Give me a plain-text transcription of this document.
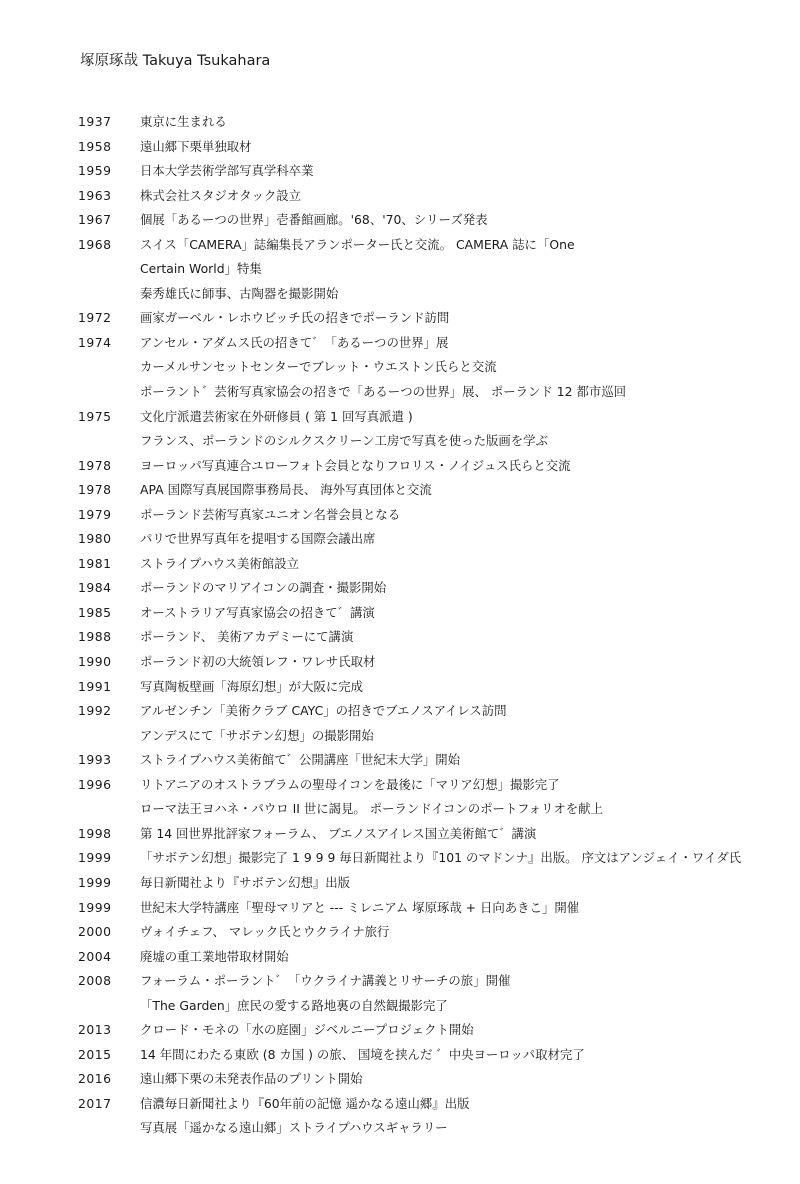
塚原琢哉 Takuya Tsukahara
1937 東京に生まれる
1958 遠山郷下栗単独取材
1959 日本大学芸術学部写真学科卒業
1963 株式会社スタジオタック設立
1967 個展「あるーつの世界」壱番館画廊。'68、'70、シリーズ発表
1968 スイス「CAMERA」誌編集長アランポーター氏と交流。 CAMERA 誌に「One
Certain World」特集
秦秀雄氏に師事、古陶器を撮影開始
1972 画家ガーベル・レホウビッチ氏の招きでポーランド訪問
1974 アンセル・アダムス氏の招きて゛「あるーつの世界」展
カーメルサンセットセンターでブレット・ウエストン氏らと交流
ポーラント゛芸術写真家協会の招きで「あるーつの世界」展、 ポーランド 12 都市巡回
1975 文化庁派遣芸術家在外研修員 ( 第 1 回写真派遣 )
フランス、ポーランドのシルクスクリーン工房で写真を使った版画を学ぶ
1978 ヨーロッパ写真連合ユローフォト会員となりフロリス・ノイジュス氏らと交流
1978 APA 国際写真展国際事務局長、 海外写真団体と交流
1979 ポーランド芸術写真家ユニオン名誉会員となる
1980 パリで世界写真年を提唱する国際会議出席
1981 ストライプハウス美術館設立
1984 ポーランドのマリアイコンの調査・撮影開始
1985 オーストラリア写真家協会の招きて゛講演
1988 ポーランド、 美術アカデミーにて講演
1990 ポーランド初の大統領レフ・ワレサ氏取材
1991 写真陶板壁画「海原幻想」が大阪に完成
1992 アルゼンチン「美術クラブ CAYC」の招きでブエノスアイレス訪問
アンデスにて「サボテン幻想」の撮影開始
1993 ストライプハウス美術館て゛公開講座「世紀末大学」開始
1996 リトアニアのオストラブラムの聖母イコンを最後に「マリア幻想」撮影完了
ローマ法王ヨハネ・パウロ II 世に謁見。 ポーランドイコンのポートフォリオを献上
1998 第 14 回世界批評家フォーラム、 ブエノスアイレス国立美術館て゛講演
1999 「サボテン幻想」撮影完了 1 9 9 9 毎日新聞社より『101 のマドンナ』出版。 序文はアンジェイ・ワイダ氏
1999 毎日新聞社より『サボテン幻想』出版
1999 世紀末大学特講座「聖母マリアと --- ミレニアム 塚原琢哉 + 日向あきこ」開催
2000 ヴォイチェフ、 マレック氏とウクライナ旅行
2004 廃墟の重工業地帯取材開始
2008 フォーラム・ポーラント゛「ウクライナ講義とリサーチの旅」開催
「The Garden」庶民の愛する路地裏の自然観撮影完了
2013 クロード・モネの「水の庭園」ジベルニープロジェクト開始
2015 14 年間にわたる東欧 (8 カ国 ) の旅、 国境を挟んだ ゛中央ヨーロッパ取材完了
2016 遠山郷下栗の未発表作品のプリント開始
2017 信濃毎日新聞社より『60年前の記憶 遥かなる遠山郷』出版
写真展「遥かなる遠山郷」ストライプハウスギャラリー
